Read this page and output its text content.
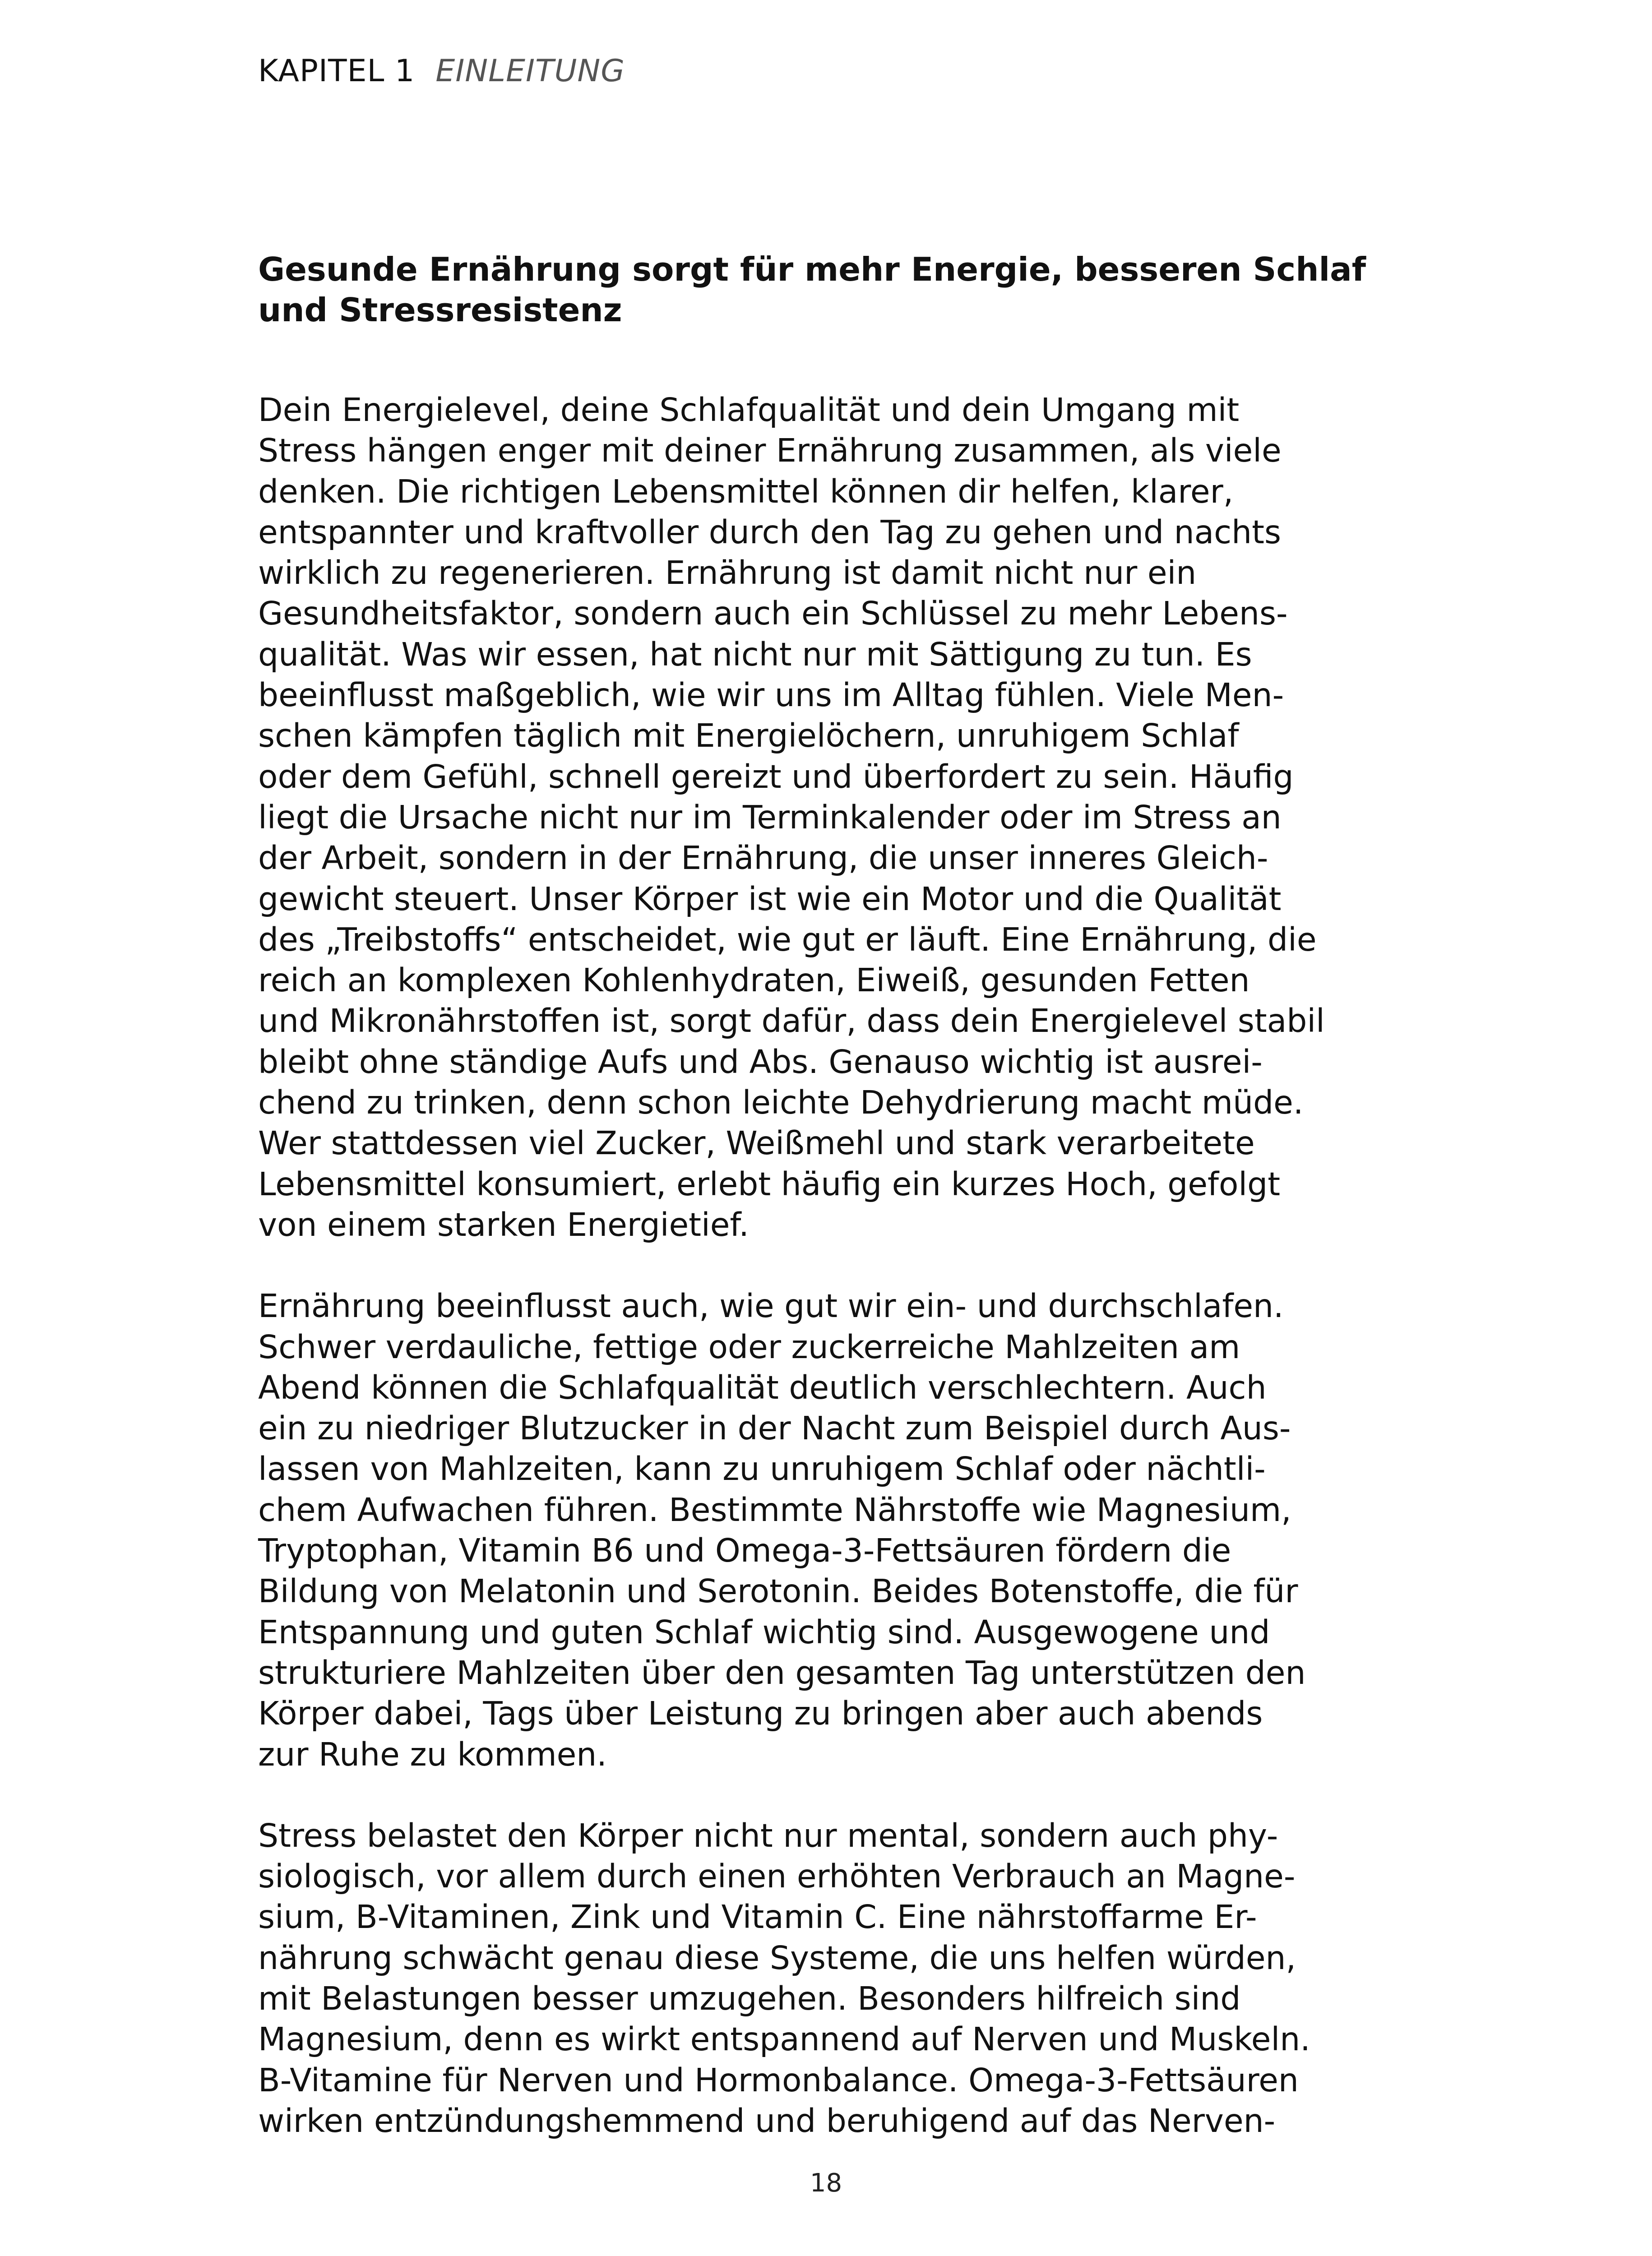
KAPITEL 1 EINLEITUNG
Gesunde Ernährung sorgt für mehr Energie, besseren Schlaf
und Stressresistenz

Dein Energielevel, deine Schlafqualität und dein Umgang mit
Stress hängen enger mit deiner Ernährung zusammen, als viele
denken. Die richtigen Lebensmittel können dir helfen, klarer,
entspannter und kraftvoller durch den Tag zu gehen und nachts
wirklich zu regenerieren. Ernährung ist damit nicht nur ein
Gesundheitsfaktor, sondern auch ein Schlüssel zu mehr Lebens-
qualität. Was wir essen, hat nicht nur mit Sättigung zu tun. Es
beeinflusst maßgeblich, wie wir uns im Alltag fühlen. Viele Men-
schen kämpfen täglich mit Energielöchern, unruhigem Schlaf
oder dem Gefühl, schnell gereizt und überfordert zu sein. Häufig
liegt die Ursache nicht nur im Terminkalender oder im Stress an
der Arbeit, sondern in der Ernährung, die unser inneres Gleich-
gewicht steuert. Unser Körper ist wie ein Motor und die Qualität
des „Treibstoffs“ entscheidet, wie gut er läuft. Eine Ernährung, die
reich an komplexen Kohlenhydraten, Eiweiß, gesunden Fetten
und Mikronährstoffen ist, sorgt dafür, dass dein Energielevel stabil
bleibt ohne ständige Aufs und Abs. Genauso wichtig ist ausrei-
chend zu trinken, denn schon leichte Dehydrierung macht müde.
Wer stattdessen viel Zucker, Weißmehl und stark verarbeitete
Lebensmittel konsumiert, erlebt häufig ein kurzes Hoch, gefolgt
von einem starken Energietief.

Ernährung beeinflusst auch, wie gut wir ein- und durchschlafen.
Schwer verdauliche, fettige oder zuckerreiche Mahlzeiten am
Abend können die Schlafqualität deutlich verschlechtern. Auch
ein zu niedriger Blutzucker in der Nacht zum Beispiel durch Aus-
lassen von Mahlzeiten, kann zu unruhigem Schlaf oder nächtli-
chem Aufwachen führen. Bestimmte Nährstoffe wie Magnesium,
Tryptophan, Vitamin B6 und Omega-3-Fettsäuren fördern die
Bildung von Melatonin und Serotonin. Beides Botenstoffe, die für
Entspannung und guten Schlaf wichtig sind. Ausgewogene und
strukturiere Mahlzeiten über den gesamten Tag unterstützen den
Körper dabei, Tags über Leistung zu bringen aber auch abends
zur Ruhe zu kommen.

Stress belastet den Körper nicht nur mental, sondern auch phy-
siologisch, vor allem durch einen erhöhten Verbrauch an Magne-
sium, B-Vitaminen, Zink und Vitamin C. Eine nährstoffarme Er-
nährung schwächt genau diese Systeme, die uns helfen würden,
mit Belastungen besser umzugehen. Besonders hilfreich sind
Magnesium, denn es wirkt entspannend auf Nerven und Muskeln.
B-Vitamine für Nerven und Hormonbalance. Omega-3-Fettsäuren
wirken entzündungshemmend und beruhigend auf das Nerven-

18
